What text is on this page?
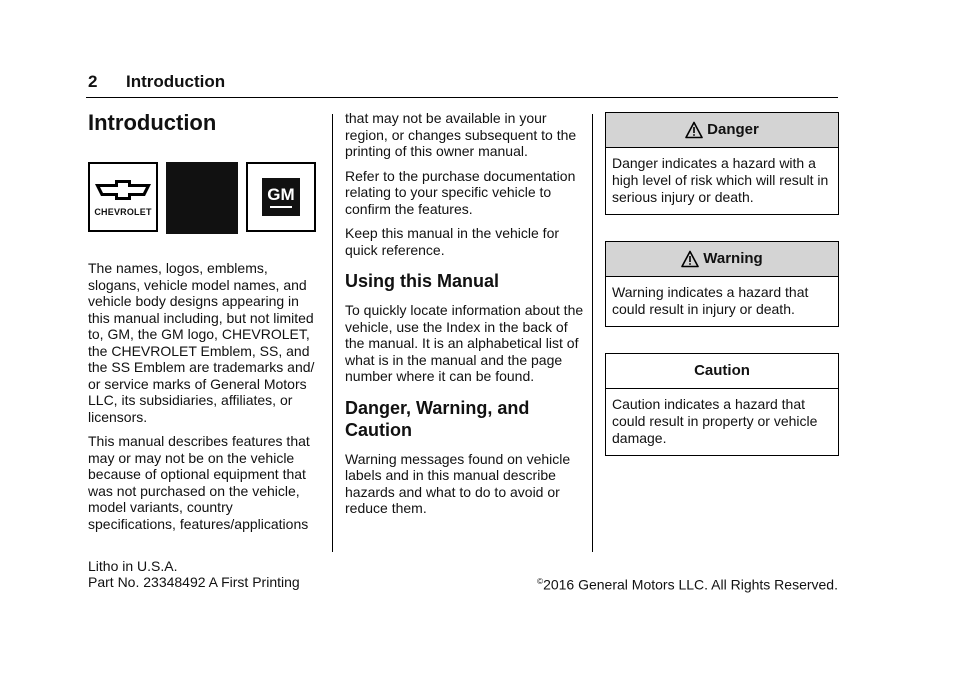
2 Introduction
Introduction
CHEVROLET
GM

The names, logos, emblems, slogans, vehicle model names, and vehicle body designs appearing in this manual including, but not limited to, GM, the GM logo, CHEVROLET, the CHEVROLET Emblem, SS, and the SS Emblem are trademarks and/ or service marks of General Motors LLC, its subsidiaries, affiliates, or licensors.

This manual describes features that may or may not be on the vehicle because of optional equipment that was not purchased on the vehicle, model variants, country specifications, features/applications

that may not be available in your region, or changes subsequent to the printing of this owner manual.

Refer to the purchase documentation relating to your specific vehicle to confirm the features.

Keep this manual in the vehicle for quick reference.

Using this Manual

To quickly locate information about the vehicle, use the Index in the back of the manual. It is an alphabetical list of what is in the manual and the page number where it can be found.

Danger, Warning, and Caution

Warning messages found on vehicle labels and in this manual describe hazards and what to do to avoid or reduce them.

Danger
Danger indicates a hazard with a high level of risk which will result in serious injury or death.
Warning
Warning indicates a hazard that could result in injury or death.
Caution
Caution indicates a hazard that could result in property or vehicle damage.
Litho in U.S.A.
Part No. 23348492 A First Printing	©2016 General Motors LLC. All Rights Reserved.
